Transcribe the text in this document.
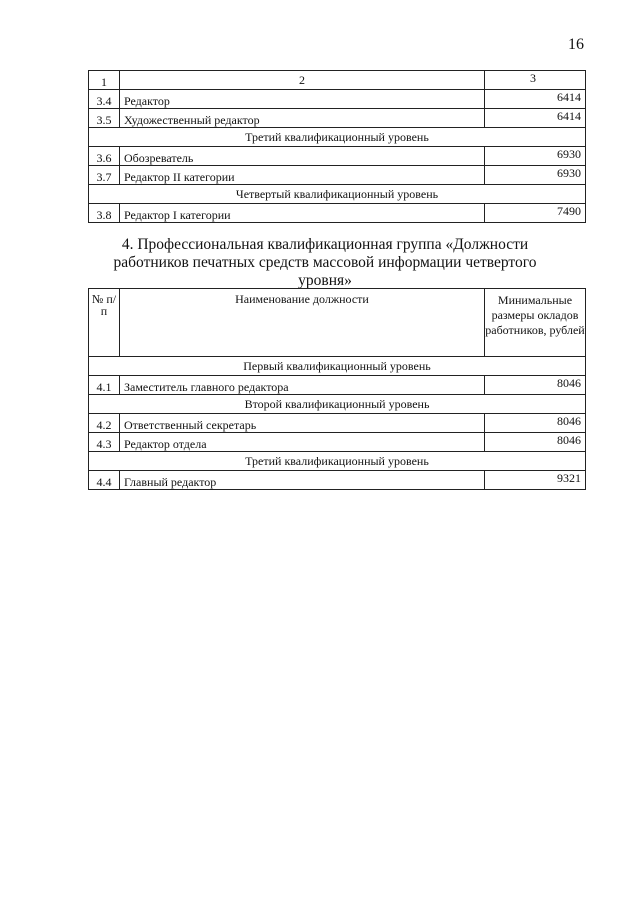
16
1	2	3
3.4	Редактор	6414
3.5	Художественный редактор	6414
Третий квалификационный уровень		
3.6	Обозреватель	6930
3.7	Редактор II категории	6930
Четвертый квалификационный уровень		
3.8	Редактор I категории	7490
4. Профессиональная квалификационная группа «Должности работников печатных средств массовой информации четвертого уровня»
№ п/п	Наименование должности	Минимальные размеры окладов работников, рублей
Первый квалификационный уровень		
4.1	Заместитель главного редактора	8046
Второй квалификационный уровень		
4.2	Ответственный секретарь	8046
4.3	Редактор отдела	8046
Третий квалификационный уровень		
4.4	Главный редактор	9321
